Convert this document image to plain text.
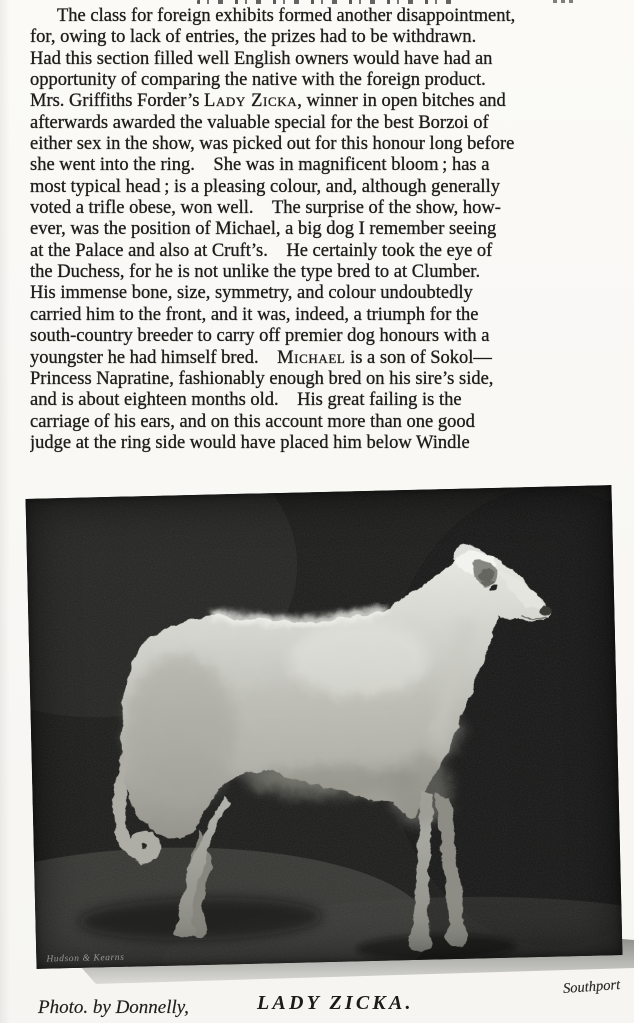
The class for foreign exhibits formed another disappointment,
for, owing to lack of entries, the prizes had to be withdrawn.
Had this section filled well English owners would have had an
opportunity of comparing the native with the foreign product.
Mrs. Griffiths Forder’s Lady Zicka, winner in open bitches and
afterwards awarded the valuable special for the best Borzoi of
either sex in the show, was picked out for this honour long before
she went into the ring. She was in magnificent bloom ; has a
most typical head ; is a pleasing colour, and, although generally
voted a trifle obese, won well. The surprise of the show, how-
ever, was the position of Michael, a big dog I remember seeing
at the Palace and also at Cruft’s. He certainly took the eye of
the Duchess, for he is not unlike the type bred to at Clumber.
His immense bone, size, symmetry, and colour undoubtedly
carried him to the front, and it was, indeed, a triumph for the
south-country breeder to carry off premier dog honours with a
youngster he had himself bred. Michael is a son of Sokol—
Princess Napratine, fashionably enough bred on his sire’s side,
and is about eighteen months old. His great failing is the
carriage of his ears, and on this account more than one good
judge at the ring side would have placed him below Windle
Hudson & Kearns
Photo. by Donnelly,	LADY ZICKA.
Southport
